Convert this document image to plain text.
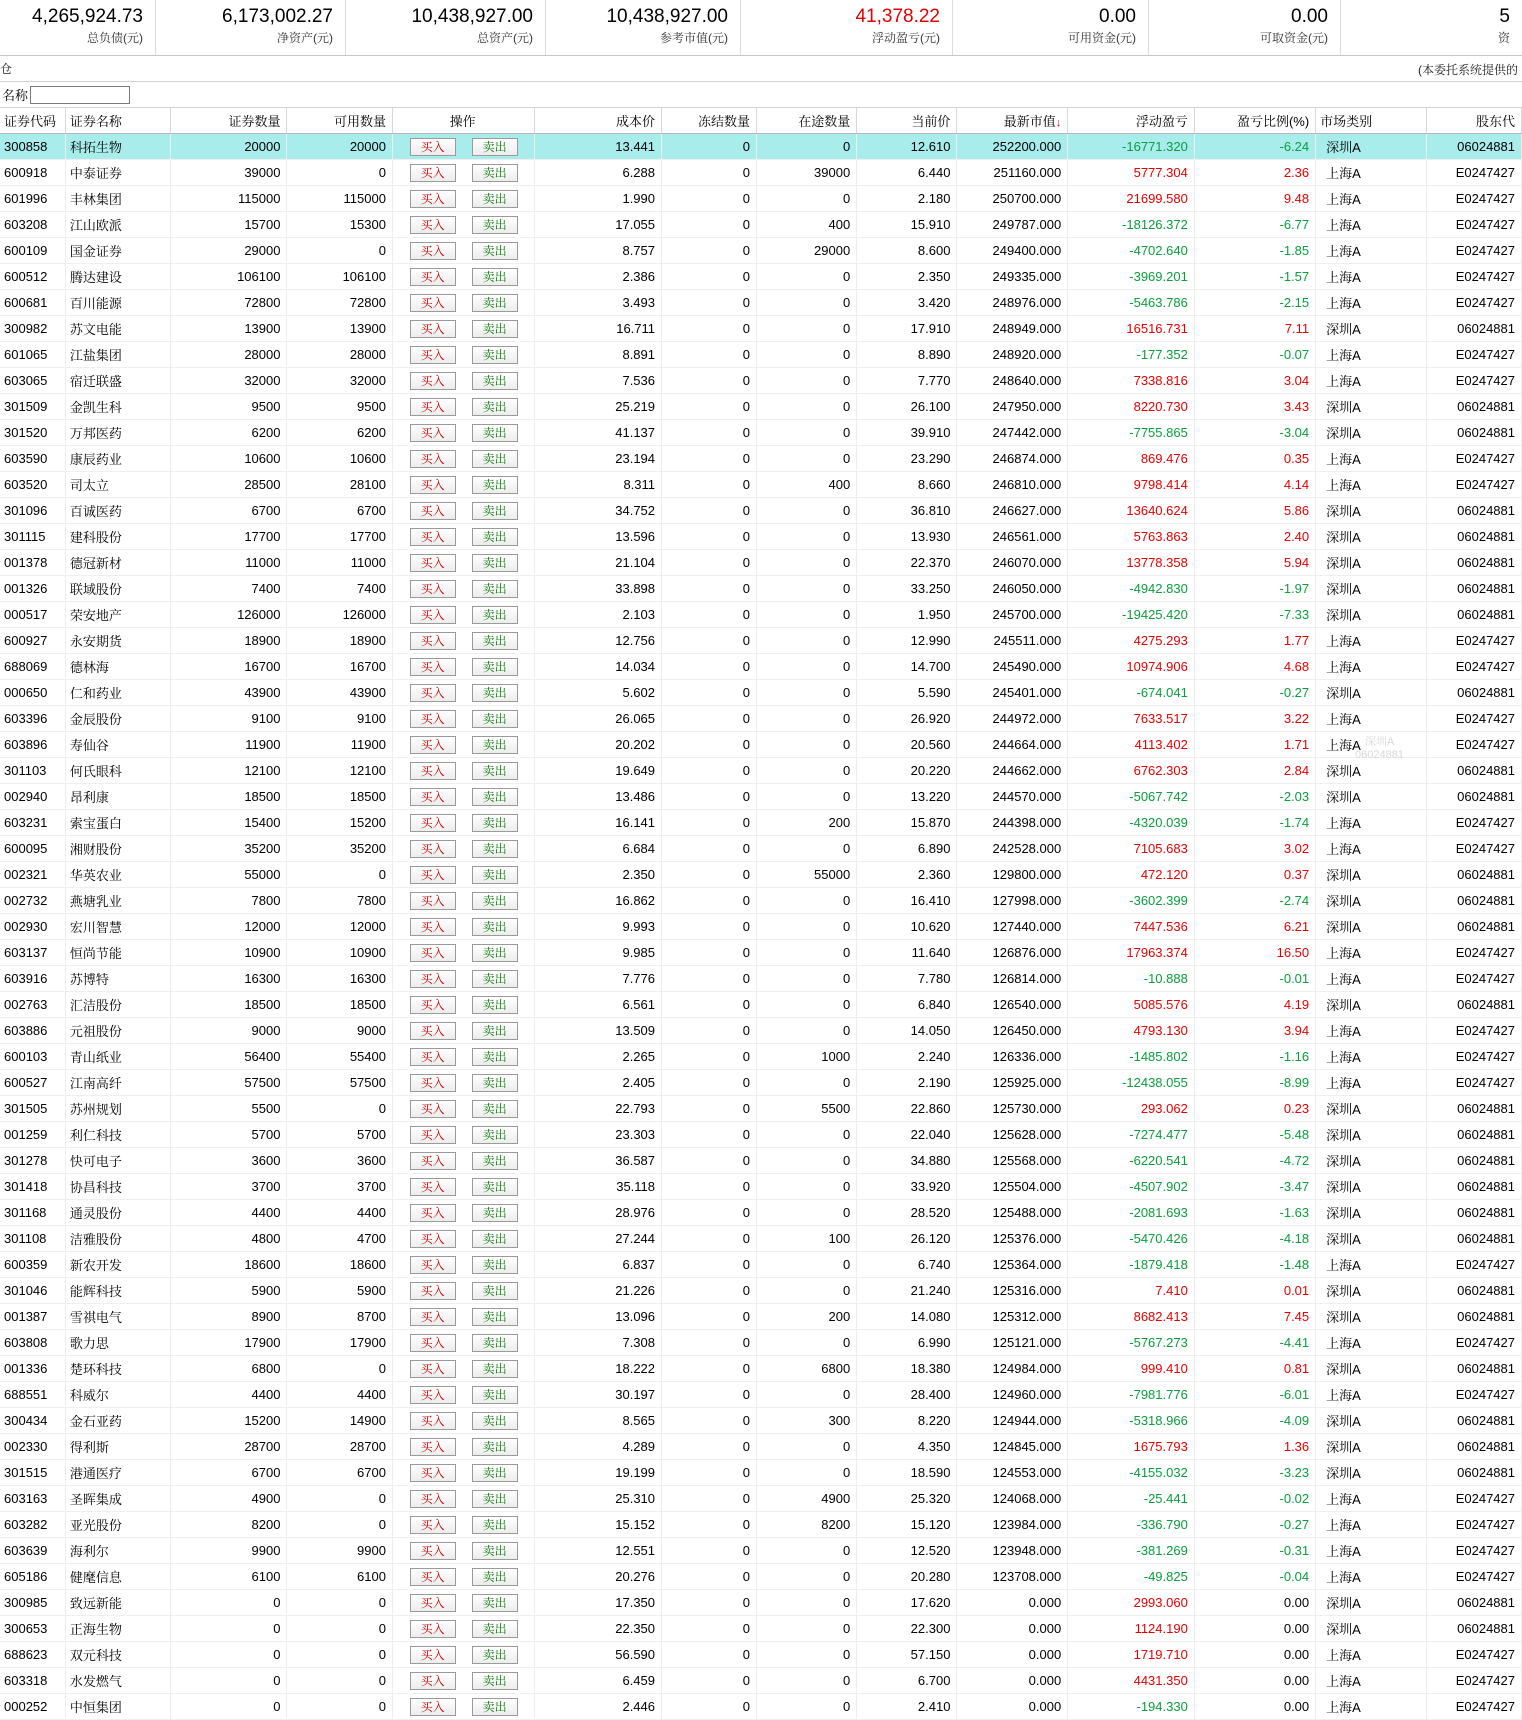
4,265,924.73
总负债(元)
6,173,002.27
净资产(元)
10,438,927.00
总资产(元)
10,438,927.00
参考市值(元)
41,378.22
浮动盈亏(元)
0.00
可用资金(元)
0.00
可取资金(元)
5
资
仓	(本委托系统提供的
名称
证券代码	证券名称	证券数量	可用数量	操作	成本价	冻结数量	在途数量	当前价	最新市值↓	浮动盈亏	盈亏比例(%)	市场类别	股东代
300858	科拓生物	20000	20000	买入 卖出	13.441	0	0	12.610	252200.000	-16771.320	-6.24	深圳A	06024881
600918	中泰证券	39000	0	买入 卖出	6.288	0	39000	6.440	251160.000	5777.304	2.36	上海A	E0247427
601996	丰林集团	115000	115000	买入 卖出	1.990	0	0	2.180	250700.000	21699.580	9.48	上海A	E0247427
603208	江山欧派	15700	15300	买入 卖出	17.055	0	400	15.910	249787.000	-18126.372	-6.77	上海A	E0247427
600109	国金证券	29000	0	买入 卖出	8.757	0	29000	8.600	249400.000	-4702.640	-1.85	上海A	E0247427
600512	腾达建设	106100	106100	买入 卖出	2.386	0	0	2.350	249335.000	-3969.201	-1.57	上海A	E0247427
600681	百川能源	72800	72800	买入 卖出	3.493	0	0	3.420	248976.000	-5463.786	-2.15	上海A	E0247427
300982	苏文电能	13900	13900	买入 卖出	16.711	0	0	17.910	248949.000	16516.731	7.11	深圳A	06024881
601065	江盐集团	28000	28000	买入 卖出	8.891	0	0	8.890	248920.000	-177.352	-0.07	上海A	E0247427
603065	宿迁联盛	32000	32000	买入 卖出	7.536	0	0	7.770	248640.000	7338.816	3.04	上海A	E0247427
301509	金凯生科	9500	9500	买入 卖出	25.219	0	0	26.100	247950.000	8220.730	3.43	深圳A	06024881
301520	万邦医药	6200	6200	买入 卖出	41.137	0	0	39.910	247442.000	-7755.865	-3.04	深圳A	06024881
603590	康辰药业	10600	10600	买入 卖出	23.194	0	0	23.290	246874.000	869.476	0.35	上海A	E0247427
603520	司太立	28500	28100	买入 卖出	8.311	0	400	8.660	246810.000	9798.414	4.14	上海A	E0247427
301096	百诚医药	6700	6700	买入 卖出	34.752	0	0	36.810	246627.000	13640.624	5.86	深圳A	06024881
301115	建科股份	17700	17700	买入 卖出	13.596	0	0	13.930	246561.000	5763.863	2.40	深圳A	06024881
001378	德冠新材	11000	11000	买入 卖出	21.104	0	0	22.370	246070.000	13778.358	5.94	深圳A	06024881
001326	联域股份	7400	7400	买入 卖出	33.898	0	0	33.250	246050.000	-4942.830	-1.97	深圳A	06024881
000517	荣安地产	126000	126000	买入 卖出	2.103	0	0	1.950	245700.000	-19425.420	-7.33	深圳A	06024881
600927	永安期货	18900	18900	买入 卖出	12.756	0	0	12.990	245511.000	4275.293	1.77	上海A	E0247427
688069	德林海	16700	16700	买入 卖出	14.034	0	0	14.700	245490.000	10974.906	4.68	上海A	E0247427
000650	仁和药业	43900	43900	买入 卖出	5.602	0	0	5.590	245401.000	-674.041	-0.27	深圳A	06024881
603396	金辰股份	9100	9100	买入 卖出	26.065	0	0	26.920	244972.000	7633.517	3.22	上海A	E0247427
603896	寿仙谷	11900	11900	买入 卖出	20.202	0	0	20.560	244664.000	4113.402	1.71	上海A	E0247427
301103	何氏眼科	12100	12100	买入 卖出	19.649	0	0	20.220	244662.000	6762.303	2.84	深圳A	06024881
002940	昂利康	18500	18500	买入 卖出	13.486	0	0	13.220	244570.000	-5067.742	-2.03	深圳A	06024881
603231	索宝蛋白	15400	15200	买入 卖出	16.141	0	200	15.870	244398.000	-4320.039	-1.74	上海A	E0247427
600095	湘财股份	35200	35200	买入 卖出	6.684	0	0	6.890	242528.000	7105.683	3.02	上海A	E0247427
002321	华英农业	55000	0	买入 卖出	2.350	0	55000	2.360	129800.000	472.120	0.37	深圳A	06024881
002732	燕塘乳业	7800	7800	买入 卖出	16.862	0	0	16.410	127998.000	-3602.399	-2.74	深圳A	06024881
002930	宏川智慧	12000	12000	买入 卖出	9.993	0	0	10.620	127440.000	7447.536	6.21	深圳A	06024881
603137	恒尚节能	10900	10900	买入 卖出	9.985	0	0	11.640	126876.000	17963.374	16.50	上海A	E0247427
603916	苏博特	16300	16300	买入 卖出	7.776	0	0	7.780	126814.000	-10.888	-0.01	上海A	E0247427
002763	汇洁股份	18500	18500	买入 卖出	6.561	0	0	6.840	126540.000	5085.576	4.19	深圳A	06024881
603886	元祖股份	9000	9000	买入 卖出	13.509	0	0	14.050	126450.000	4793.130	3.94	上海A	E0247427
600103	青山纸业	56400	55400	买入 卖出	2.265	0	1000	2.240	126336.000	-1485.802	-1.16	上海A	E0247427
600527	江南高纤	57500	57500	买入 卖出	2.405	0	0	2.190	125925.000	-12438.055	-8.99	上海A	E0247427
301505	苏州规划	5500	0	买入 卖出	22.793	0	5500	22.860	125730.000	293.062	0.23	深圳A	06024881
001259	利仁科技	5700	5700	买入 卖出	23.303	0	0	22.040	125628.000	-7274.477	-5.48	深圳A	06024881
301278	快可电子	3600	3600	买入 卖出	36.587	0	0	34.880	125568.000	-6220.541	-4.72	深圳A	06024881
301418	协昌科技	3700	3700	买入 卖出	35.118	0	0	33.920	125504.000	-4507.902	-3.47	深圳A	06024881
301168	通灵股份	4400	4400	买入 卖出	28.976	0	0	28.520	125488.000	-2081.693	-1.63	深圳A	06024881
301108	洁雅股份	4800	4700	买入 卖出	27.244	0	100	26.120	125376.000	-5470.426	-4.18	深圳A	06024881
600359	新农开发	18600	18600	买入 卖出	6.837	0	0	6.740	125364.000	-1879.418	-1.48	上海A	E0247427
301046	能辉科技	5900	5900	买入 卖出	21.226	0	0	21.240	125316.000	7.410	0.01	深圳A	06024881
001387	雪祺电气	8900	8700	买入 卖出	13.096	0	200	14.080	125312.000	8682.413	7.45	深圳A	06024881
603808	歌力思	17900	17900	买入 卖出	7.308	0	0	6.990	125121.000	-5767.273	-4.41	上海A	E0247427
001336	楚环科技	6800	0	买入 卖出	18.222	0	6800	18.380	124984.000	999.410	0.81	深圳A	06024881
688551	科威尔	4400	4400	买入 卖出	30.197	0	0	28.400	124960.000	-7981.776	-6.01	上海A	E0247427
300434	金石亚药	15200	14900	买入 卖出	8.565	0	300	8.220	124944.000	-5318.966	-4.09	深圳A	06024881
002330	得利斯	28700	28700	买入 卖出	4.289	0	0	4.350	124845.000	1675.793	1.36	深圳A	06024881
301515	港通医疗	6700	6700	买入 卖出	19.199	0	0	18.590	124553.000	-4155.032	-3.23	深圳A	06024881
603163	圣晖集成	4900	0	买入 卖出	25.310	0	4900	25.320	124068.000	-25.441	-0.02	上海A	E0247427
603282	亚光股份	8200	0	买入 卖出	15.152	0	8200	15.120	123984.000	-336.790	-0.27	上海A	E0247427
603639	海利尔	9900	9900	买入 卖出	12.551	0	0	12.520	123948.000	-381.269	-0.31	上海A	E0247427
605186	健麾信息	6100	6100	买入 卖出	20.276	0	0	20.280	123708.000	-49.825	-0.04	上海A	E0247427
300985	致远新能	0	0	买入 卖出	17.350	0	0	17.620	0.000	2993.060	0.00	深圳A	06024881
300653	正海生物	0	0	买入 卖出	22.350	0	0	22.300	0.000	1124.190	0.00	深圳A	06024881
688623	双元科技	0	0	买入 卖出	56.590	0	0	57.150	0.000	1719.710	0.00	上海A	E0247427
603318	水发燃气	0	0	买入 卖出	6.459	0	0	6.700	0.000	4431.350	0.00	上海A	E0247427
000252	中恒集团	0	0	买入 卖出	2.446	0	0	2.410	0.000	-194.330	0.00	上海A	E0247427
深圳A
06024881
